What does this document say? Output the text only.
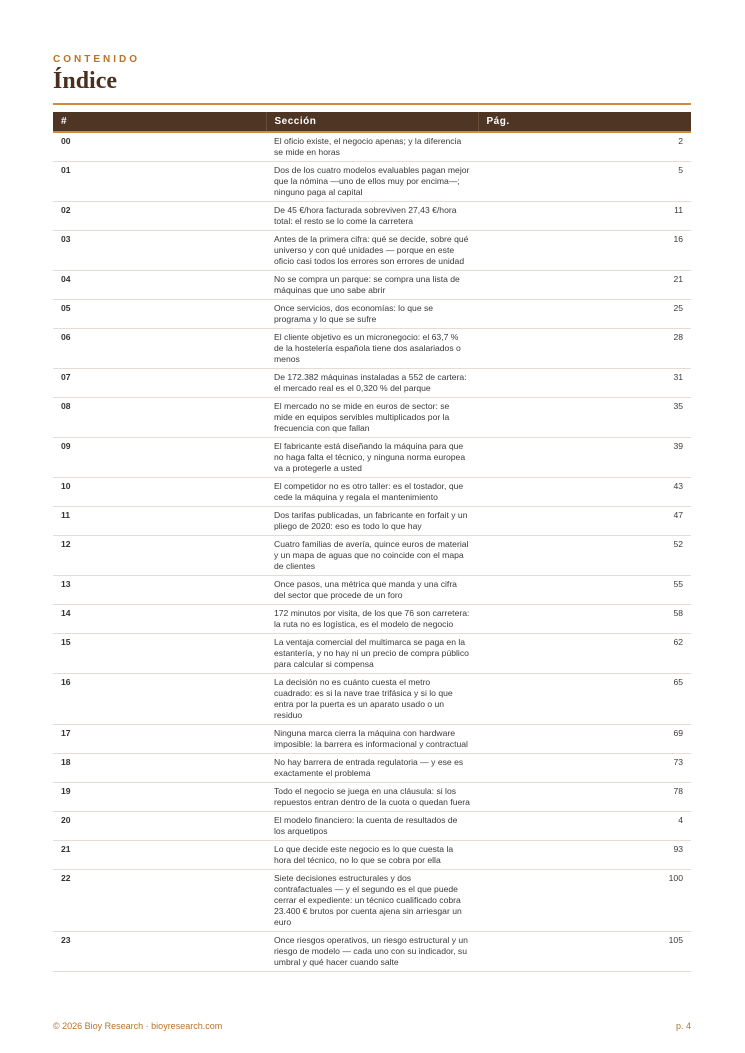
CONTENIDO
Índice
#	Sección	Pág.
00	El oficio existe, el negocio apenas; y la diferencia se mide en horas	2
01	Dos de los cuatro modelos evaluables pagan mejor que la nómina —uno de ellos muy por encima—; ninguno paga al capital	5
02	De 45 €/hora facturada sobreviven 27,43 €/hora total: el resto se lo come la carretera	11
03	Antes de la primera cifra: qué se decide, sobre qué universo y con qué unidades — porque en este oficio casi todos los errores son errores de unidad	16
04	No se compra un parque: se compra una lista de máquinas que uno sabe abrir	21
05	Once servicios, dos economías: lo que se programa y lo que se sufre	25
06	El cliente objetivo es un micronegocio: el 63,7 % de la hostelería española tiene dos asalariados o menos	28
07	De 172.382 máquinas instaladas a 552 de cartera: el mercado real es el 0,320 % del parque	31
08	El mercado no se mide en euros de sector: se mide en equipos servibles multiplicados por la frecuencia con que fallan	35
09	El fabricante está diseñando la máquina para que no haga falta el técnico, y ninguna norma europea va a protegerle a usted	39
10	El competidor no es otro taller: es el tostador, que cede la máquina y regala el mantenimiento	43
11	Dos tarifas publicadas, un fabricante en forfait y un pliego de 2020: eso es todo lo que hay	47
12	Cuatro familias de avería, quince euros de material y un mapa de aguas que no coincide con el mapa de clientes	52
13	Once pasos, una métrica que manda y una cifra del sector que procede de un foro	55
14	172 minutos por visita, de los que 76 son carretera: la ruta no es logística, es el modelo de negocio	58
15	La ventaja comercial del multimarca se paga en la estantería, y no hay ni un precio de compra público para calcular si compensa	62
16	La decisión no es cuánto cuesta el metro cuadrado: es si la nave trae trifásica y si lo que entra por la puerta es un aparato usado o un residuo	65
17	Ninguna marca cierra la máquina con hardware imposible: la barrera es informacional y contractual	69
18	No hay barrera de entrada regulatoria — y ese es exactamente el problema	73
19	Todo el negocio se juega en una cláusula: si los repuestos entran dentro de la cuota o quedan fuera	78
20	El modelo financiero: la cuenta de resultados de los arquetipos	4
21	Lo que decide este negocio es lo que cuesta la hora del técnico, no lo que se cobra por ella	93
22	Siete decisiones estructurales y dos contrafactuales — y el segundo es el que puede cerrar el expediente: un técnico cualificado cobra 23.400 € brutos por cuenta ajena sin arriesgar un euro	100
23	Once riesgos operativos, un riesgo estructural y un riesgo de modelo — cada uno con su indicador, su umbral y qué hacer cuando salte	105
© 2026 Bioy Research · bioyresearch.com	p. 4
